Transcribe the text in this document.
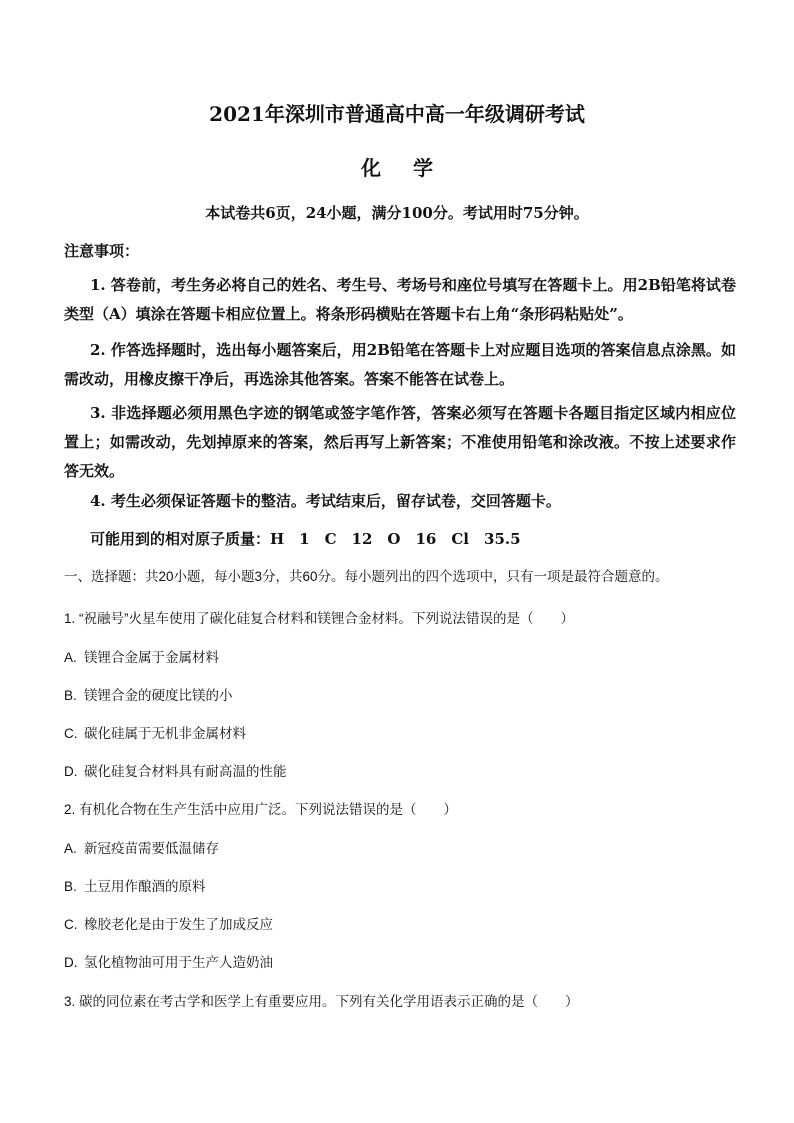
2021年深圳市普通高中高一年级调研考试
化 学
本试卷共6页，24小题，满分100分。考试用时75分钟。
注意事项：
1. 答卷前，考生务必将自己的姓名、考生号、考场号和座位号填写在答题卡上。用2B铅笔将试卷类型（A）填涂在答题卡相应位置上。将条形码横贴在答题卡右上角“条形码粘贴处”。
2. 作答选择题时，选出每小题答案后，用2B铅笔在答题卡上对应题目选项的答案信息点涂黑。如需改动，用橡皮擦干净后，再选涂其他答案。答案不能答在试卷上。
3. 非选择题必须用黑色字迹的钢笔或签字笔作答，答案必须写在答题卡各题目指定区域内相应位置上；如需改动，先划掉原来的答案，然后再写上新答案；不准使用铅笔和涂改液。不按上述要求作答无效。
4. 考生必须保证答题卡的整洁。考试结束后，留存试卷，交回答题卡。
可能用到的相对原子质量：H　1　C　12　O　16　Cl　35.5
一、选择题：共20小题，每小题3分，共60分。每小题列出的四个选项中，只有一项是最符合题意的。
1. “祝融号”火星车使用了碳化硅复合材料和镁锂合金材料。下列说法错误的是（　　）
A. 镁锂合金属于金属材料
B. 镁锂合金的硬度比镁的小
C. 碳化硅属于无机非金属材料
D. 碳化硅复合材料具有耐高温的性能
2. 有机化合物在生产生活中应用广泛。下列说法错误的是（　　）
A. 新冠疫苗需要低温储存
B. 土豆用作酿酒的原料
C. 橡胶老化是由于发生了加成反应
D. 氢化植物油可用于生产人造奶油
3. 碳的同位素在考古学和医学上有重要应用。下列有关化学用语表示正确的是（　　）
